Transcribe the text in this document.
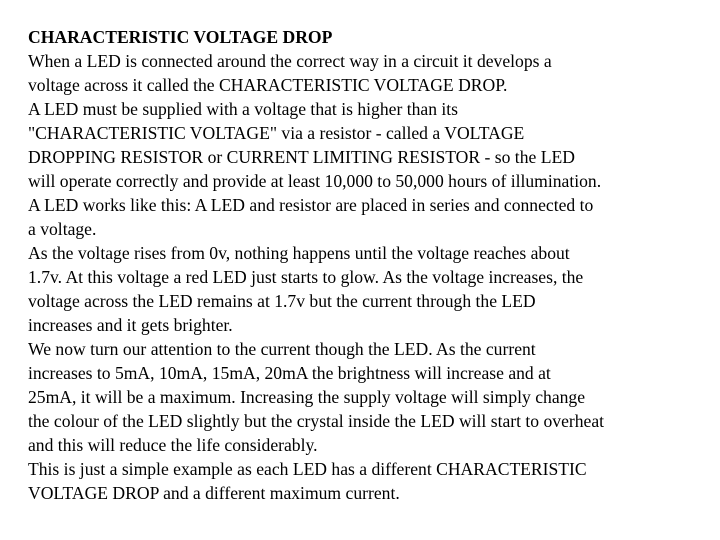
CHARACTERISTIC VOLTAGE DROP
When a LED is connected around the correct way in a circuit it develops a
voltage across it called the CHARACTERISTIC VOLTAGE DROP.
A LED must be supplied with a voltage that is higher than its
"CHARACTERISTIC VOLTAGE" via a resistor - called a VOLTAGE
DROPPING RESISTOR or CURRENT LIMITING RESISTOR - so the LED
will operate correctly and provide at least 10,000 to 50,000 hours of illumination.
A LED works like this: A LED and resistor are placed in series and connected to
a voltage.
As the voltage rises from 0v, nothing happens until the voltage reaches about
1.7v. At this voltage a red LED just starts to glow. As the voltage increases, the
voltage across the LED remains at 1.7v but the current through the LED
increases and it gets brighter.
We now turn our attention to the current though the LED. As the current
increases to 5mA, 10mA, 15mA, 20mA the brightness will increase and at
25mA, it will be a maximum. Increasing the supply voltage will simply change
the colour of the LED slightly but the crystal inside the LED will start to overheat
and this will reduce the life considerably.
This is just a simple example as each LED has a different CHARACTERISTIC
VOLTAGE DROP and a different maximum current.
